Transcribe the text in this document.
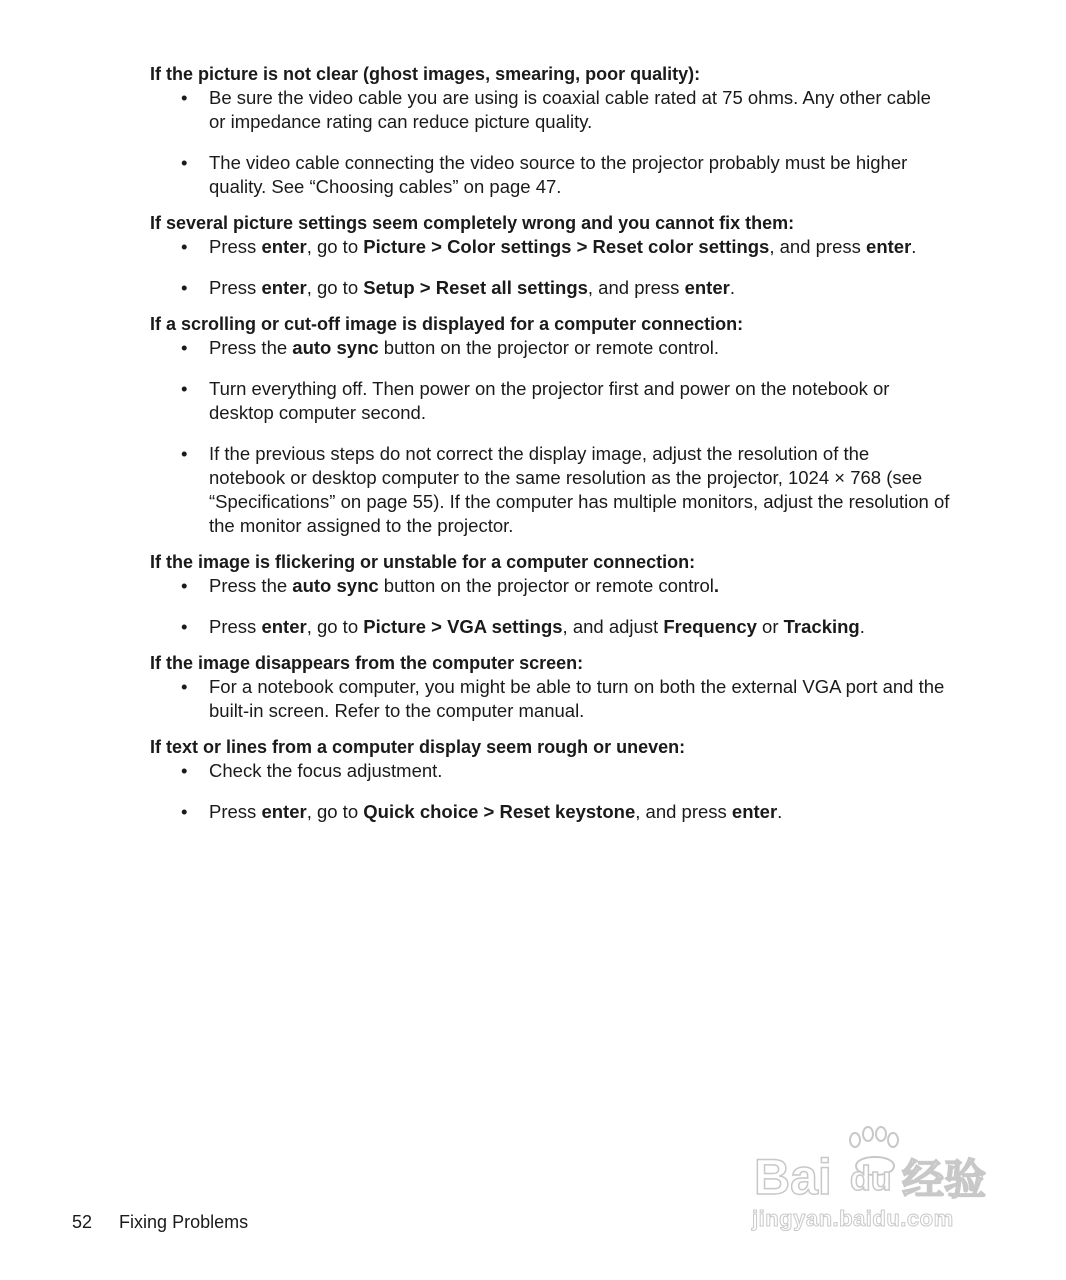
If the picture is not clear (ghost images, smearing, poor quality):

• Be sure the video cable you are using is coaxial cable rated at 75 ohms. Any other cable or impedance rating can reduce picture quality.
• The video cable connecting the video source to the projector probably must be higher quality. See “Choosing cables” on page 47.

If several picture settings seem completely wrong and you cannot fix them:

• Press enter, go to Picture > Color settings > Reset color settings, and press enter.
• Press enter, go to Setup > Reset all settings, and press enter.

If a scrolling or cut-off image is displayed for a computer connection:

• Press the auto sync button on the projector or remote control.
• Turn everything off. Then power on the projector first and power on the notebook or desktop computer second.
• If the previous steps do not correct the display image, adjust the resolution of the notebook or desktop computer to the same resolution as the projector, 1024 × 768 (see “Specifications” on page 55). If the computer has multiple monitors, adjust the resolution of the monitor assigned to the projector.

If the image is flickering or unstable for a computer connection:

• Press the auto sync button on the projector or remote control.
• Press enter, go to Picture > VGA settings, and adjust Frequency or Tracking.

If the image disappears from the computer screen:

• For a notebook computer, you might be able to turn on both the external VGA port and the built-in screen. Refer to the computer manual.

If text or lines from a computer display seem rough or uneven:

• Check the focus adjustment.
• Press enter, go to Quick choice > Reset keystone, and press enter.
52 Fixing Problems
Bai du 经验
jingyan.baidu.com
